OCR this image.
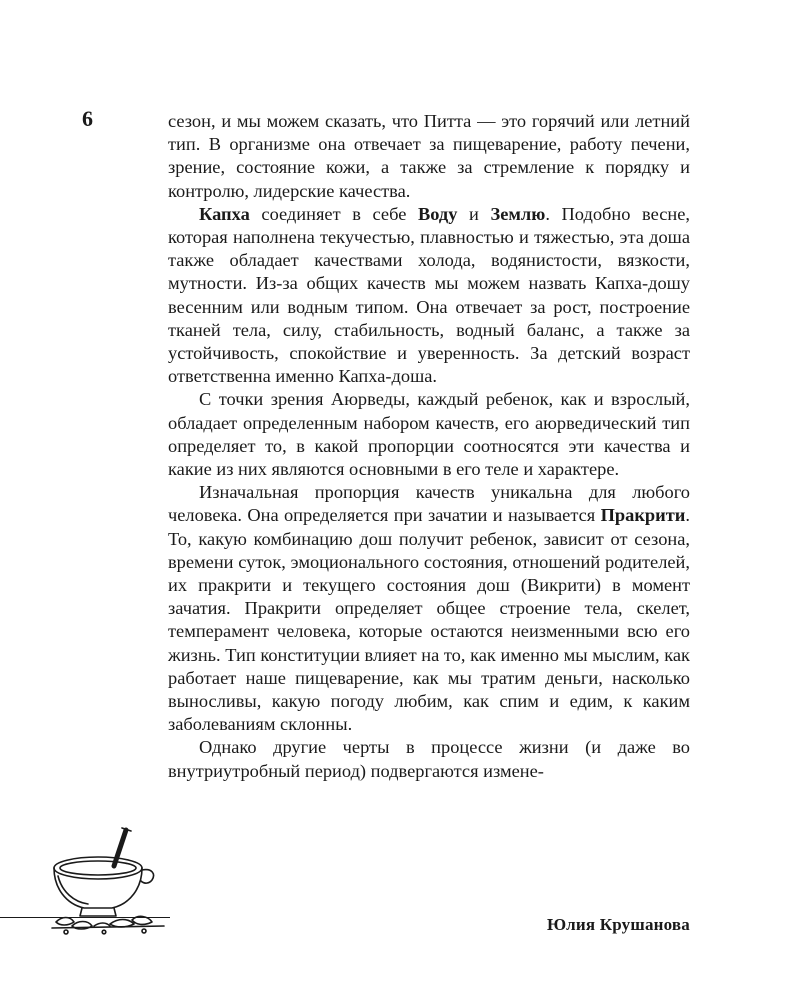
6	сезон, и мы можем сказать, что Питта — это горячий или летний тип. В организме она отвечает за пищеварение, работу печени, зрение, состояние кожи, а также за стремление к порядку и контролю, лидерские качества.

Капха соединяет в себе Воду и Землю. Подобно весне, которая наполнена текучестью, плавностью и тяжестью, эта доша также обладает качествами холода, водянистости, вязкости, мутности. Из-за общих качеств мы можем назвать Капха-дошу весенним или водным типом. Она отвечает за рост, построение тканей тела, силу, стабильность, водный баланс, а также за устойчивость, спокойствие и уверенность. За детский возраст ответственна именно Капха-доша.

С точки зрения Аюрведы, каждый ребенок, как и взрослый, обладает определенным набором качеств, его аюрведический тип определяет то, в какой пропорции соотносятся эти качества и какие из них являются основными в его теле и характере.

Изначальная пропорция качеств уникальна для любого человека. Она определяется при зачатии и называется Пракрити. То, какую комбинацию дош получит ребенок, зависит от сезона, времени суток, эмоционального состояния, отношений родителей, их пракрити и текущего состояния дош (Викрити) в момент зачатия. Пракрити определяет общее строение тела, скелет, темперамент человека, которые остаются неизменными всю его жизнь. Тип конституции влияет на то, как именно мы мыслим, как работает наше пищеварение, как мы тратим деньги, насколько выносливы, какую погоду любим, как спим и едим, к каким заболеваниям склонны.

Однако другие черты в процессе жизни (и даже во внутриутробный период) подвергаются измене-

Юлия Крушанова
